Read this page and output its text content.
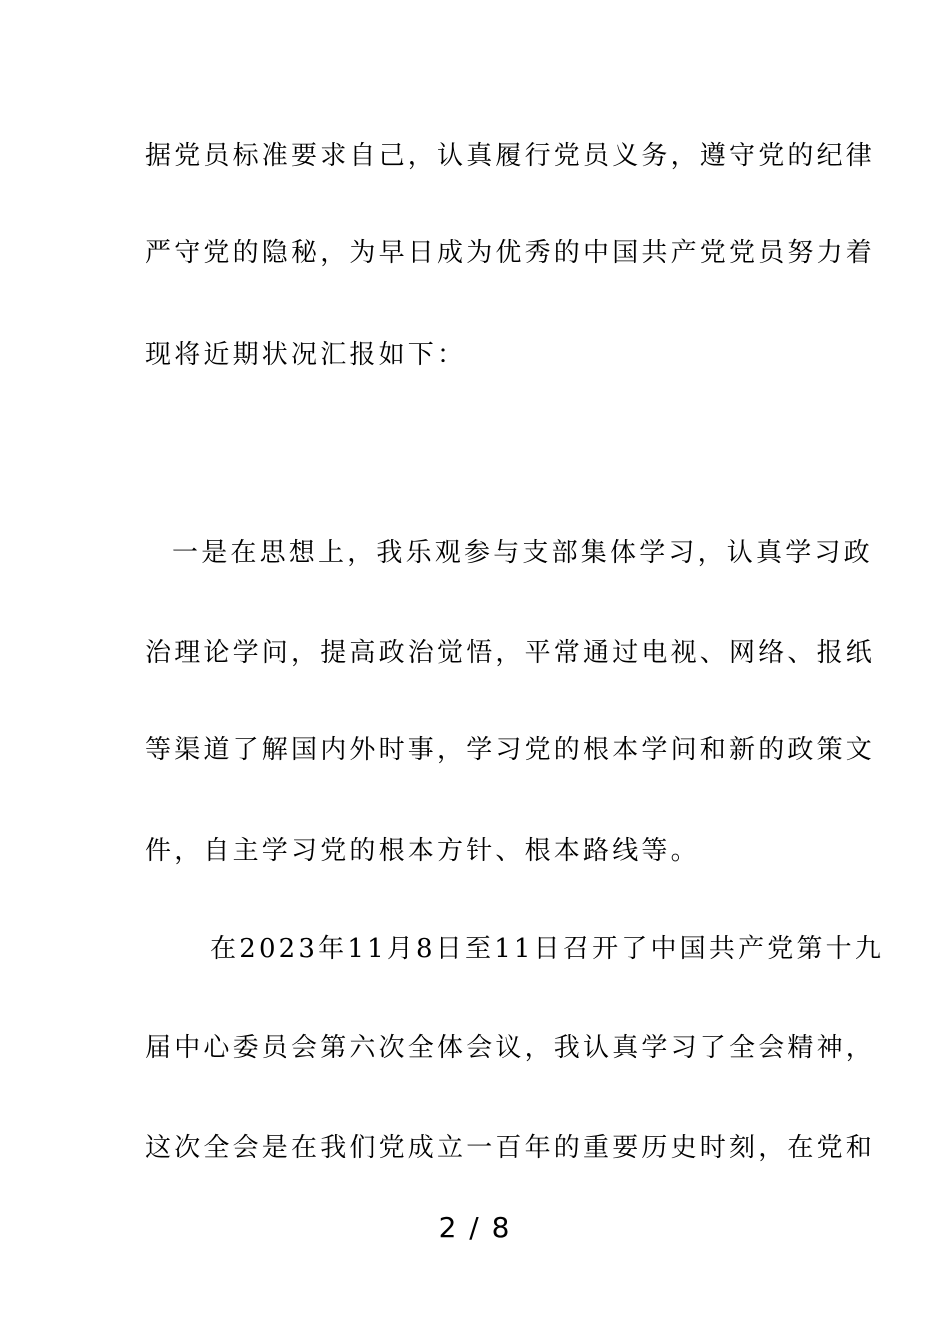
据党员标准要求自己，认真履行党员义务，遵守党的纪律
严守党的隐秘，为早日成为优秀的中国共产党党员努力着
现将近期状况汇报如下：
一是在思想上，我乐观参与支部集体学习，认真学习政
治理论学问，提高政治觉悟，平常通过电视、网络、报纸
等渠道了解国内外时事，学习党的根本学问和新的政策文
件，自主学习党的根本方针、根本路线等。
在2023年11月8日至11日召开了中国共产党第十九
届中心委员会第六次全体会议，我认真学习了全会精神，
这次全会是在我们党成立一百年的重要历史时刻，在党和
2 / 8
